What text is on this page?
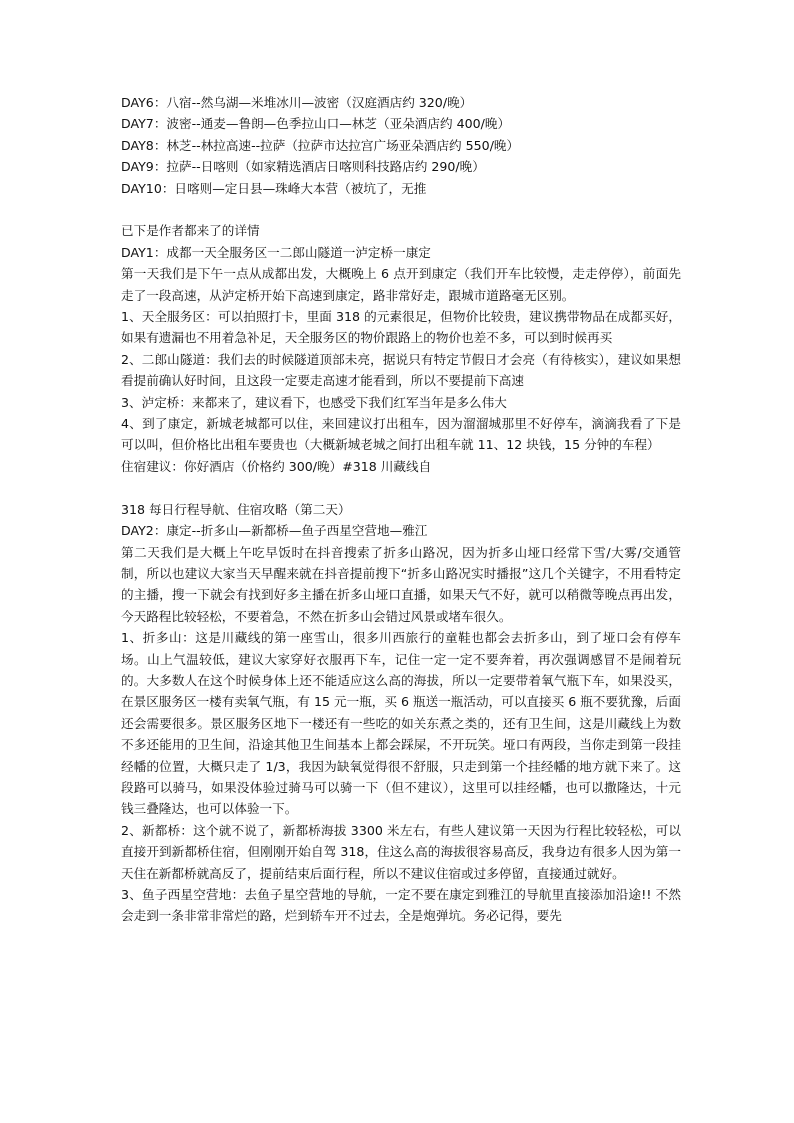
DAY6：八宿--然乌湖—米堆冰川—波密（汉庭酒店约 320/晚）

DAY7：波密--通麦—鲁朗—色季拉山口—林芝（亚朵酒店约 400/晚）

DAY8：林芝--林拉高速--拉萨（拉萨市达拉宫广场亚朵酒店约 550/晚）

DAY9：拉萨--日喀则（如家精选酒店日喀则科技路店约 290/晚）

DAY10：日喀则—定日县—珠峰大本营（被坑了，无推

已下是作者都来了的详情

DAY1：成都一天全服务区一二郎山隧道一泸定桥一康定

第一天我们是下午一点从成都出发，大概晚上 6 点开到康定（我们开车比较慢，走走停停），前面先走了一段高速，从泸定桥开始下高速到康定，路非常好走，跟城市道路毫无区别。

1、天全服务区：可以拍照打卡，里面 318 的元素很足，但物价比较贵，建议携带物品在成都买好，如果有遗漏也不用着急补足，天全服务区的物价跟路上的物价也差不多，可以到时候再买

2、二郎山隧道：我们去的时候隧道顶部未亮，据说只有特定节假日才会亮（有待核实），建议如果想看提前确认好时间，且这段一定要走高速才能看到，所以不要提前下高速

3、泸定桥：来都来了，建议看下，也感受下我们红军当年是多么伟大

4、到了康定，新城老城都可以住，来回建议打出租车，因为溜溜城那里不好停车，滴滴我看了下是可以叫，但价格比出租车要贵也（大概新城老城之间打出租车就 11、12 块钱，15 分钟的车程）

住宿建议：你好酒店（价格约 300/晚）#318 川藏线自

318 每日行程导航、住宿攻略（第二天）

DAY2：康定--折多山—新都桥—鱼子西星空营地—雅江

第二天我们是大概上午吃早饭时在抖音搜索了折多山路况，因为折多山垭口经常下雪/大雾/交通管制，所以也建议大家当天早醒来就在抖音提前搜下“折多山路况实时播报”这几个关键字，不用看特定的主播，搜一下就会有找到好多主播在折多山垭口直播，如果天气不好，就可以稍微等晚点再出发，今天路程比较轻松，不要着急，不然在折多山会错过风景或堵车很久。

1、折多山：这是川藏线的第一座雪山，很多川西旅行的童鞋也都会去折多山，到了垭口会有停车场。山上气温较低，建议大家穿好衣服再下车，记住一定一定不要奔着，再次强调感冒不是闹着玩的。大多数人在这个时候身体上还不能适应这么高的海拔，所以一定要带着氧气瓶下车，如果没买，在景区服务区一楼有卖氧气瓶，有 15 元一瓶，买 6 瓶送一瓶活动，可以直接买 6 瓶不要犹豫，后面还会需要很多。景区服务区地下一楼还有一些吃的如关东煮之类的，还有卫生间，这是川藏线上为数不多还能用的卫生间，沿途其他卫生间基本上都会踩屎，不开玩笑。垭口有两段，当你走到第一段挂经幡的位置，大概只走了 1/3，我因为缺氧觉得很不舒服，只走到第一个挂经幡的地方就下来了。这段路可以骑马，如果没体验过骑马可以骑一下（但不建议），这里可以挂经幡，也可以撒隆达，十元钱三叠隆达，也可以体验一下。

2、新都桥：这个就不说了，新都桥海拔 3300 米左右，有些人建议第一天因为行程比较轻松，可以直接开到新都桥住宿，但刚刚开始自驾 318，住这么高的海拔很容易高反，我身边有很多人因为第一天住在新都桥就高反了，提前结束后面行程，所以不建议住宿或过多停留，直接通过就好。

3、鱼子西星空营地：去鱼子星空营地的导航，一定不要在康定到雅江的导航里直接添加沿途!! 不然会走到一条非常非常烂的路，烂到轿车开不过去，全是炮弹坑。务必记得，要先
